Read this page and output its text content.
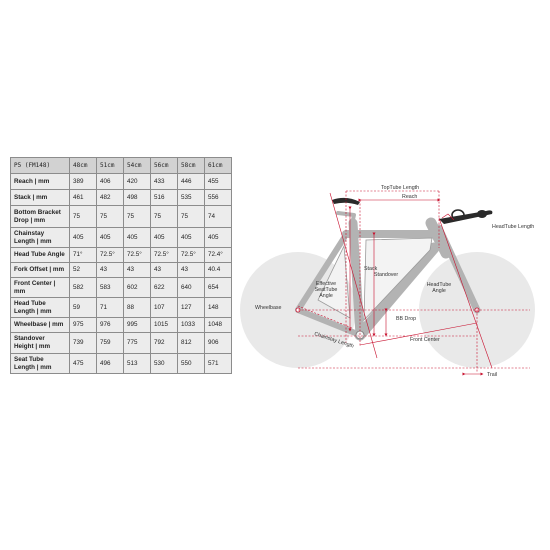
P5 (FM148)	48cm	51cm	54cm	56cm	58cm	61cm
Reach | mm	389	406	420	433	446	455
Stack | mm	461	482	498	516	535	556
Bottom Bracket Drop | mm	75	75	75	75	75	74
Chainstay Length | mm	405	405	405	405	405	405
Head Tube Angle	71°	72.5°	72.5°	72.5°	72.5°	72.4°
Fork Offset | mm	52	43	43	43	43	40.4
Front Center | mm	582	583	602	622	640	654
Head Tube Length | mm	59	71	88	107	127	148
Wheelbase | mm	975	976	995	1015	1033	1048
Standover Height | mm	739	759	775	792	812	906
Seat Tube Length | mm	475	496	513	530	550	571
TopTube Length
Reach
HeadTube Length
Stack
Standover
Effective SeatTube Angle
HeadTube Angle
Wheelbase
Chainstay Length
BB Drop
Front Center
Trail
